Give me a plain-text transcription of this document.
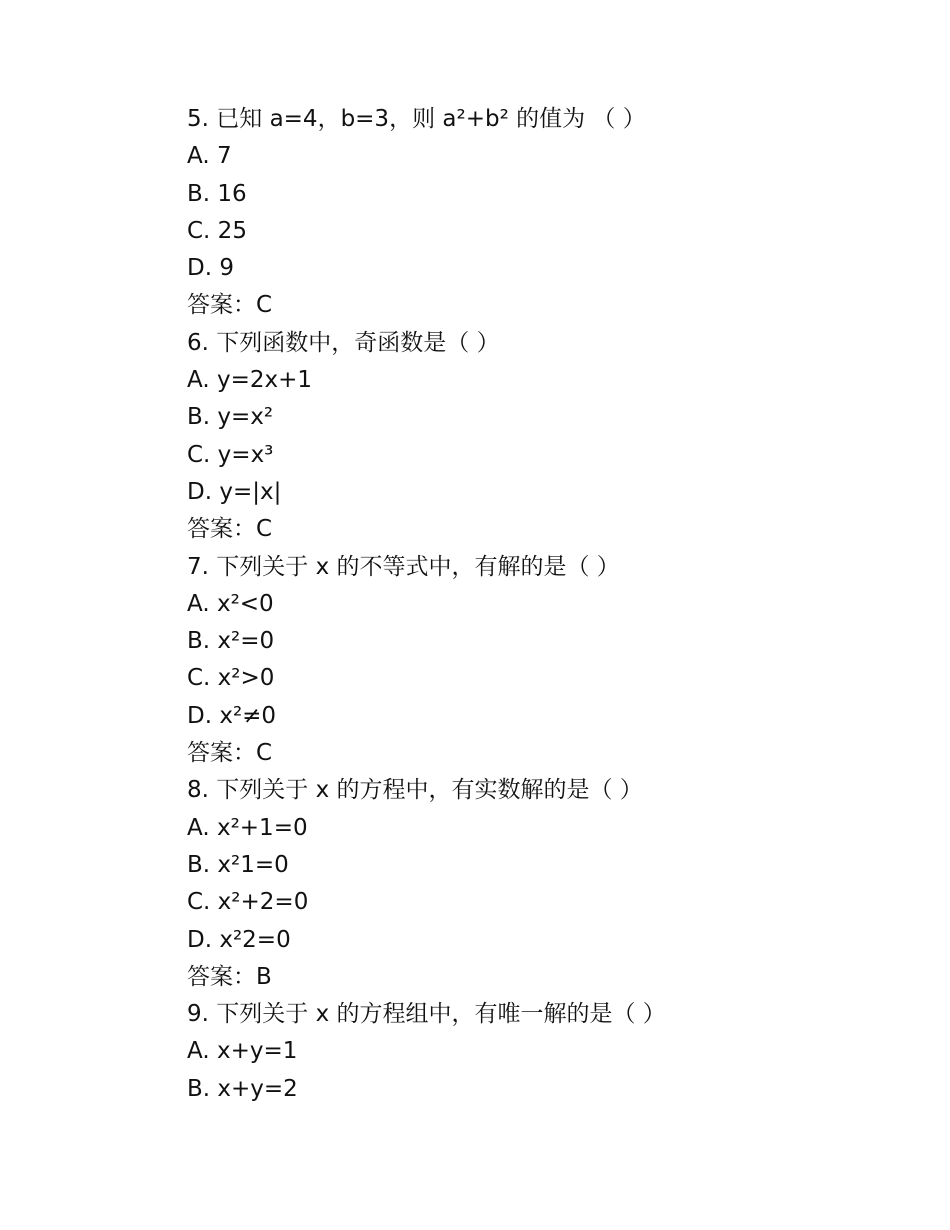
5. 已知 a=4，b=3，则 a²+b² 的值为 （ ）
A. 7
B. 16
C. 25
D. 9
答案：C
6. 下列函数中，奇函数是（ ）
A. y=2x+1
B. y=x²
C. y=x³
D. y=|x|
答案：C
7. 下列关于 x 的不等式中，有解的是（ ）
A. x²<0
B. x²=0
C. x²>0
D. x²≠0
答案：C
8. 下列关于 x 的方程中，有实数解的是（ ）
A. x²+1=0
B. x²1=0
C. x²+2=0
D. x²2=0
答案：B
9. 下列关于 x 的方程组中，有唯一解的是（ ）
A. x+y=1
B. x+y=2
